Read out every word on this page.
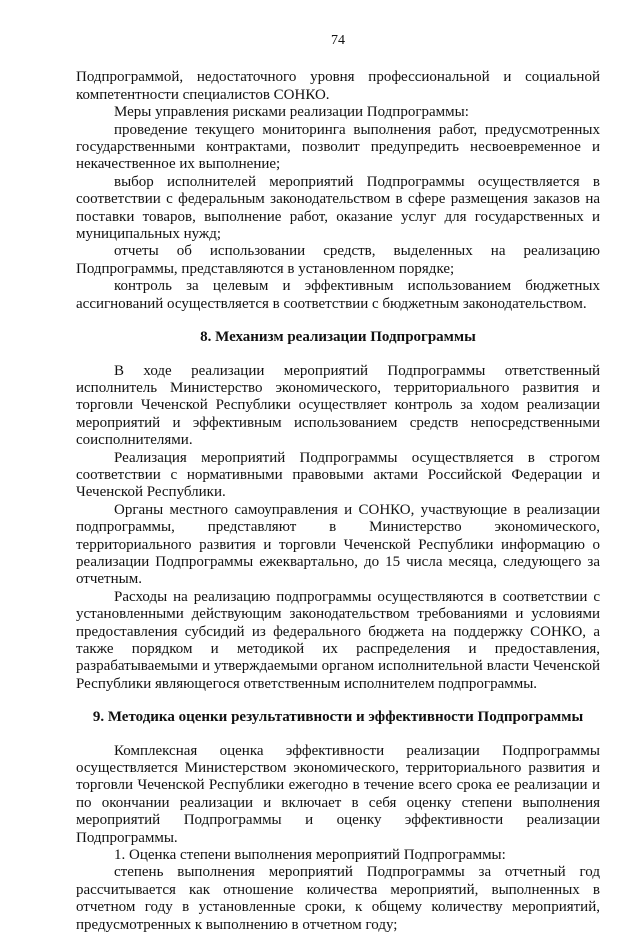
74

Подпрограммой, недостаточного уровня профессиональной и социальной компетентности специалистов СОНКО.

Меры управления рисками реализации Подпрограммы:

проведение текущего мониторинга выполнения работ, предусмотренных государственными контрактами, позволит предупредить несвоевременное и некачественное их выполнение;

выбор исполнителей мероприятий Подпрограммы осуществляется в соответствии с федеральным законодательством в сфере размещения заказов на поставки товаров, выполнение работ, оказание услуг для государственных и муниципальных нужд;

отчеты об использовании средств, выделенных на реализацию Подпрограммы, представляются в установленном порядке;

контроль за целевым и эффективным использованием бюджетных ассигнований осуществляется в соответствии с бюджетным законодательством.

8. Механизм реализации Подпрограммы

В ходе реализации мероприятий Подпрограммы ответственный исполнитель Министерство экономического, территориального развития и торговли Чеченской Республики осуществляет контроль за ходом реализации мероприятий и эффективным использованием средств непосредственными соисполнителями.

Реализация мероприятий Подпрограммы осуществляется в строгом соответствии с нормативными правовыми актами Российской Федерации и Чеченской Республики.

Органы местного самоуправления и СОНКО, участвующие в реализации подпрограммы, представляют в Министерство экономического, территориального развития и торговли Чеченской Республики информацию о реализации Подпрограммы ежеквартально, до 15 числа месяца, следующего за отчетным.

Расходы на реализацию подпрограммы осуществляются в соответствии с установленными действующим законодательством требованиями и условиями предоставления субсидий из федерального бюджета на поддержку СОНКО, а также порядком и методикой их распределения и предоставления, разрабатываемыми и утверждаемыми органом исполнительной власти Чеченской Республики являющегося ответственным исполнителем подпрограммы.

9. Методика оценки результативности и эффективности Подпрограммы

Комплексная оценка эффективности реализации Подпрограммы осуществляется Министерством экономического, территориального развития и торговли Чеченской Республики ежегодно в течение всего срока ее реализации и по окончании реализации и включает в себя оценку степени выполнения мероприятий Подпрограммы и оценку эффективности реализации Подпрограммы.

1. Оценка степени выполнения мероприятий Подпрограммы:

степень выполнения мероприятий Подпрограммы за отчетный год рассчитывается как отношение количества мероприятий, выполненных в отчетном году в установленные сроки, к общему количеству мероприятий, предусмотренных к выполнению в отчетном году;
